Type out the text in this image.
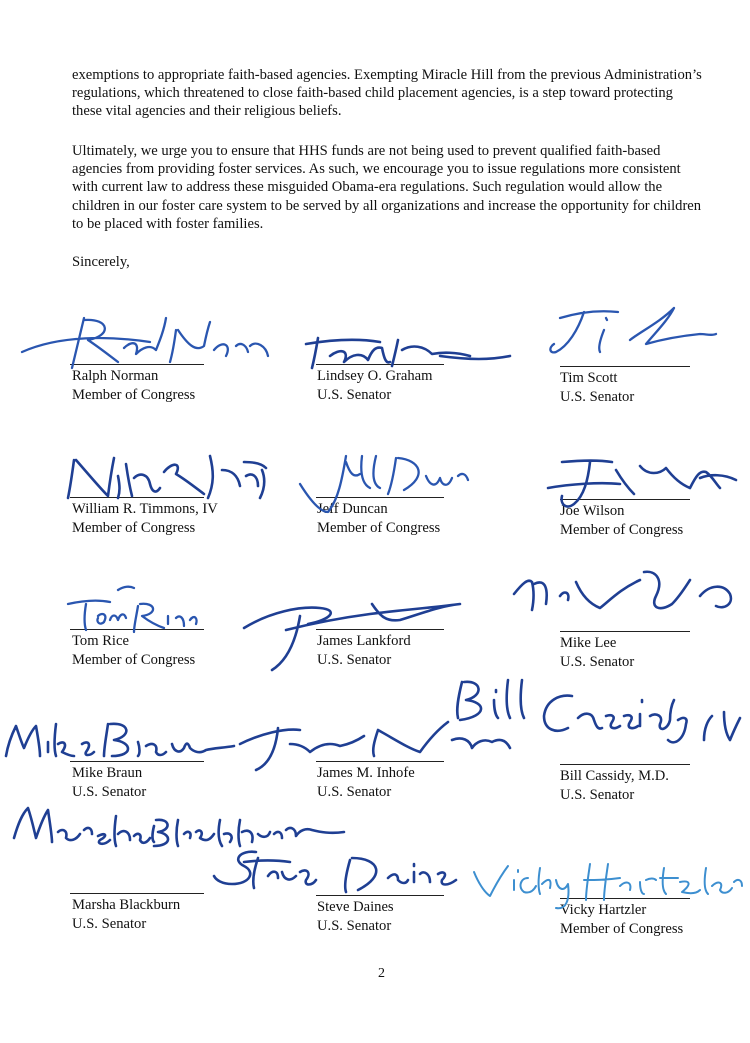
exemptions to appropriate faith-based agencies. Exempting Miracle Hill from the previous Administration’s regulations, which threatened to close faith-based child placement agencies, is a step toward protecting these vital agencies and their religious beliefs.

Ultimately, we urge you to ensure that HHS funds are not being used to prevent qualified faith-based agencies from providing foster services. As such, we encourage you to issue regulations more consistent with current law to address these misguided Obama-era regulations. Such regulation would allow the children in our foster care system to be served by all organizations and increase the opportunity for children to be placed with foster families.

Sincerely,

Ralph Norman
Member of Congress
Lindsey O. Graham
U.S. Senator
Tim Scott
U.S. Senator
William R. Timmons, IV
Member of Congress
Jeff Duncan
Member of Congress
Joe Wilson
Member of Congress
Tom Rice
Member of Congress
James Lankford
U.S. Senator
Mike Lee
U.S. Senator
Mike Braun
U.S. Senator
James M. Inhofe
U.S. Senator
Bill Cassidy, M.D.
U.S. Senator
Marsha Blackburn
U.S. Senator
Steve Daines
U.S. Senator
Vicky Hartzler
Member of Congress
2
